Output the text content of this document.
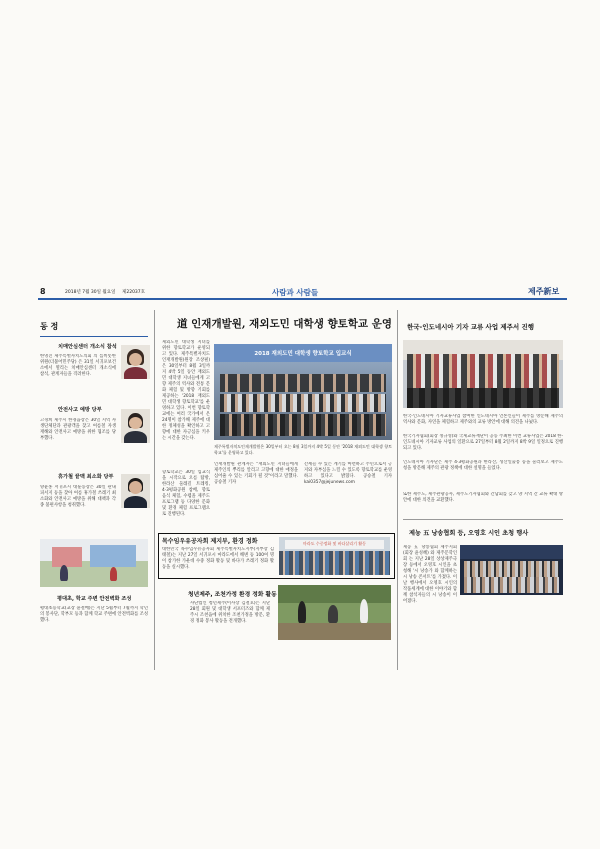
8	2018년 7월 30일 월요일 제22037호	사람과 사람들	제주新보
동 정
치매안심센터 개소식 참석
한영진 제주특별자치도의회 의 를비롯한위원(더불어민주당) 은 31일 서귀포보건소에서 열리는 치매안심센터 개소식에 참석, 관계자들을 격려한다.
안전사고 예방 당부
고경희 제주시 한경읍장은 30일 지역 자생단체단과 관광객을 찾고 여름철 자생 재해와 안전사고 예방을 위한 협조를 당부했다.
휴가철 끝맥 최소화 당부
양윤홍 서귀포시 대륜동장은 30일 관내 피서지 등을 찾아 여름 휴가철 쓰레기 최소화와 안전사고 예방을 위해 대책과 각종 불편사항을 청취했다.
평대초, 학교 주변 안전벽화 조성
평대초등학교(교장 윤철배)는 지난 5월부터 7월까지 학년의 봉사단, 학부모 등과 함께 학교 주변에 안전벽화를 조성했다.
道 인재개발원, 재외도민 대학생 향토학교 운영
제외도민 대학생 지녀를 위한 향토학교가 운영되고 있다. 제주특별자치도인재개발원(원장 조상필)은 30일부터 8월 3일까지 4박 5일 동안 재외도민 대학생 지녀들에게 고향 제주의 역사와 전통 문화 체험 및 방향 기회를 제공하는 '2018 재외도민 대학생 향토학교'를 운영하고 있다. 이번 향토학교에는 여러 국가에서 온 24명이 참가해 제주에 대한 정체성을 확인하고 고향에 대한 자긍심을 키우는 시간을 갖는다.
향토학교는 30일 입교식을 시작으로 오름 탐방, 한라산 둘레길 트레킹, 4·3평화공원 참배, 향토음식 체험, 수렵올 제주도 프로그램 등 다양한 문화 및 환경 체험 프로그램으로 진행된다.
2018 재외도민 대학생 향토학교 입교식
제주특별자치도인재개발원은 30일부터 오는 8월 3일까지 4박 5일 동안 '2018 재외도민 대학생 향토학교'를 운영하고 있다.
인재개발원 관계자는 "재외도민 지녀들에게 제주인의 뿌리를 알리고 고향에 대한 애정을 심어줄 수 있는 기회가 될 것"이라고 말했다. 공승철 기자
간세들 수 있는 계기를 마련하고 주민으로서 긍지와 자부심을 느낄 수 있도록 향토학교를 운영하고 있다고 밝혔다. 공승철 기자 kai0357@jejunews.com
목수임우유공자회 제지부, 환경 정화
대한민국 목수임우유공자회 제주특별자치도지부(지부장 김태철)는 지난 27일 서귀포시 마라도에서 해변 등 100여 명이 참가한 가운데 수중 정화 활동 및 바다가 쓰레기 정화 활동을 실시했다.
마라도 수중정화 및 바다살리기 활동
청년제주, 조천가정 환경 정화 활동
사단법인 청년제주(이사장 김철호)는 지난 28일 회원 및 대학생 서포터즈와 함께 제주시 조천읍에 위치한 조천가정을 방문, 환경 정화 봉사 활동을 전개했다.
한국-인도네시아 기자 교류 사업 제주서 진행
한국-인도네시아 기자교류사업 참여한 인도네시아 언론인들이 제주를 방문해 제주의 역사와 문화, 자연을 체험하고 제주와의 교류 방안에 대해 의견을 나눴다.
한국기자협회(회장 정규성)와 국제교류재단이 공동 주최한 이번 교류사업은 2018 한-인도네시아 기자교류 사업의 일환으로 27일부터 8월 2일까지 8박 9일 일정으로 진행되고 있다.
인도네시아 기자단은 제주 4·3평화공원과 한라산, 성산일출봉 등을 둘러보고 제주도청을 방문해 제주의 관광 정책에 대한 설명을 들었다.
또한 제주도, 제주관광공사, 제주도기자협회와 간담회를 갖고 양 지역 간 교류 확대 방안에 대한 의견을 교환했다.
제농 五 낭송협회 등, 오영호 시인 초청 행사
제농 五 낭송협회 제주지회(회장 윤성혜) 와 제주문학인회 는 지난 28일 상상제주극장 등에서 오영호 시인을 초청해 '시 낭송가 와 함께하는 시 낭송 콘서트'를 가졌다. 이날 행사에서 오영호 시인의 작품세계에 대한 이야기와 함께 참석자들의 시 낭송이 이어졌다.
